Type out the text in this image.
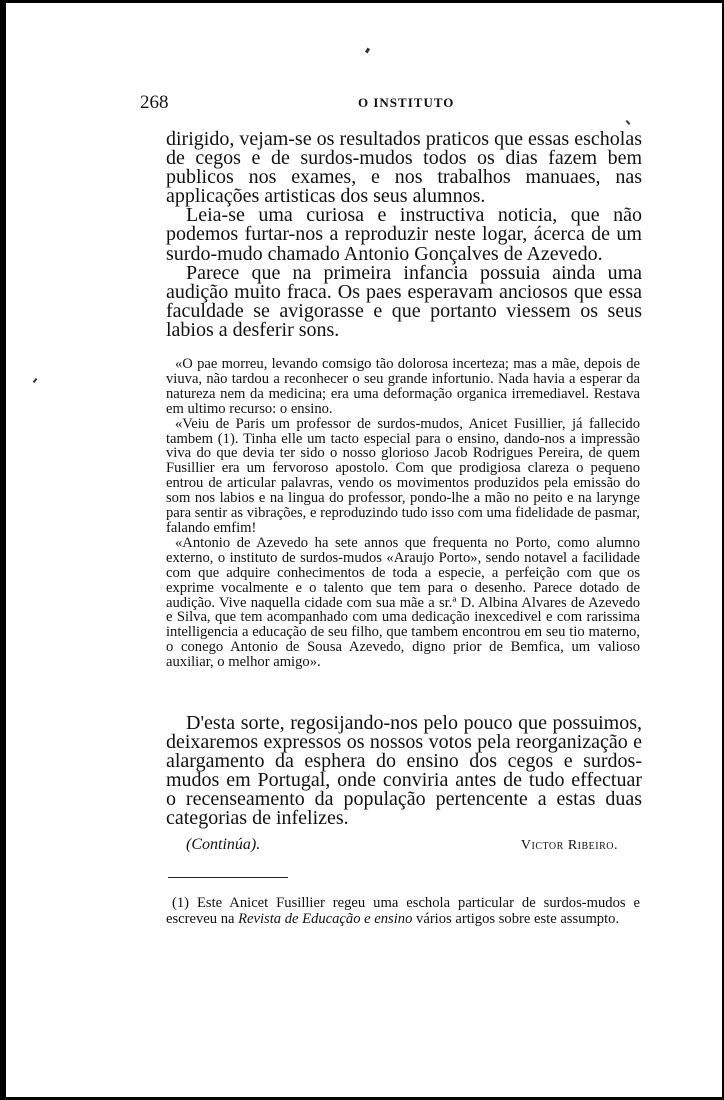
268	O INSTITUTO

dirigido, vejam-se os resultados praticos que essas escholas de cegos e de surdos-mudos todos os dias fazem bem publicos nos exames, e nos trabalhos manuaes, nas applicações artisticas dos seus alumnos.

Leia-se uma curiosa e instructiva noticia, que não podemos furtar-nos a reproduzir neste logar, ácerca de um surdo-mudo chamado Antonio Gonçalves de Azevedo.

Parece que na primeira infancia possuia ainda uma audição muito fraca. Os paes esperavam anciosos que essa faculdade se avigorasse e que portanto viessem os seus labios a desferir sons.

«O pae morreu, levando comsigo tão dolorosa incerteza; mas a mãe, depois de viuva, não tardou a reconhecer o seu grande infortunio. Nada havia a esperar da natureza nem da medicina; era uma deformação organica irremediavel. Restava em ultimo recurso: o ensino.

«Veiu de Paris um professor de surdos-mudos, Anicet Fusillier, já fallecido tambem (1). Tinha elle um tacto especial para o ensino, dando-nos a impressão viva do que devia ter sido o nosso glorioso Jacob Rodrigues Pereira, de quem Fusillier era um fervoroso apostolo. Com que prodigiosa clareza o pequeno entrou de articular palavras, vendo os movimentos produzidos pela emissão do som nos labios e na lingua do professor, pondo-lhe a mão no peito e na larynge para sentir as vibrações, e reproduzindo tudo isso com uma fidelidade de pasmar, falando emfim!

«Antonio de Azevedo ha sete annos que frequenta no Porto, como alumno externo, o instituto de surdos-mudos «Araujo Porto», sendo notavel a facilidade com que adquire conhecimentos de toda a especie, a perfeição com que os exprime vocalmente e o talento que tem para o desenho. Parece dotado de audição. Vive naquella cidade com sua mãe a sr.ª D. Albina Alvares de Azevedo e Silva, que tem acompanhado com uma dedicação inexcedivel e com rarissima intelligencia a educação de seu filho, que tambem encontrou em seu tio materno, o conego Antonio de Sousa Azevedo, digno prior de Bemfica, um valioso auxiliar, o melhor amigo».

D'esta sorte, regosijando-nos pelo pouco que possuimos, deixaremos expressos os nossos votos pela reorganização e alargamento da esphera do ensino dos cegos e surdos-mudos em Portugal, onde conviria antes de tudo effectuar o recenseamento da população pertencente a estas duas categorias de infelizes.

(Continúa).	Victor Ribeiro.

(1) Este Anicet Fusillier regeu uma eschola particular de surdos-mudos e escreveu na Revista de Educação e ensino vários artigos sobre este assumpto.
